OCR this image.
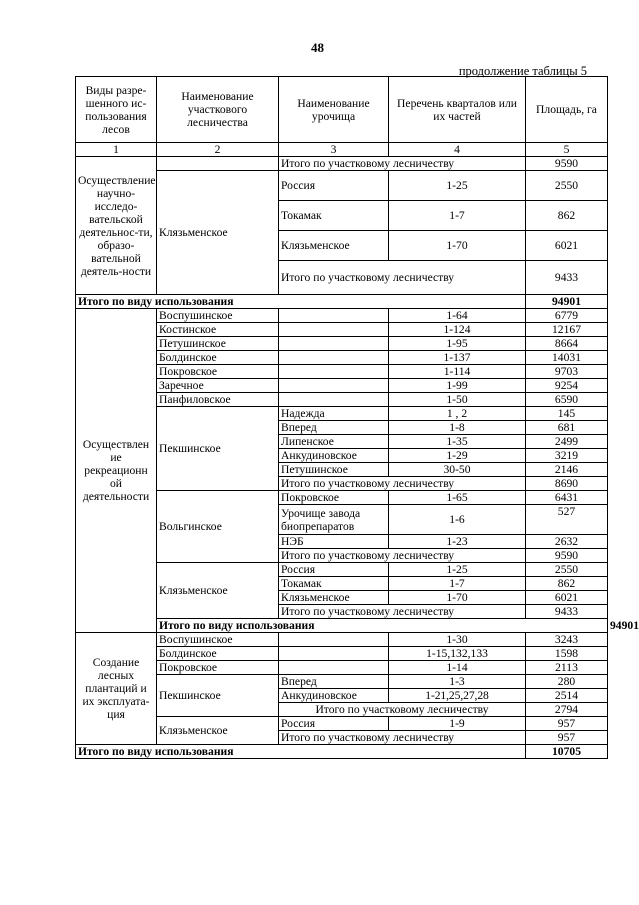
48
продолжение таблицы 5
Виды разре-шенного ис-пользования лесов	Наименование участкового лесничества	Наименование урочища	Перечень кварталов или их частей	Площадь, га	
1	2	3	4	5	
Осуществление научно-исследо-вательской деятельнос-ти, образо-вательной деятель-ности		Итого по участковому лесничеству		9590	
	Клязьменское	Россия	1-25	2550	
		Токамак	1-7	862	
		Клязьменское	1-70	6021	
		Итого по участковому лесничеству		9433	
Итого по виду использования				94901	
Осуществлен ие рекреационн ой деятельности	Воспушинское		1-64	6779	
	Костинское		1-124	12167	
	Петушинское		1-95	8664	
	Болдинское		1-137	14031	
	Покровское		1-114	9703	
	Заречное		1-99	9254	
	Панфиловское		1-50	6590	
	Пекшинское	Надежда	1 , 2	145	
		Вперед	1-8	681	
		Липенское	1-35	2499	
		Анкудиновское	1-29	3219	
		Петушинское	30-50	2146	
		Итого по участковому лесничеству		8690	
	Вольгинское	Покровское	1-65	6431	
		Урочище завода биопрепаратов	1-6	527	
		НЭБ	1-23	2632	
		Итого по участковому лесничеству		9590	
	Клязьменское	Россия	1-25	2550	
		Токамак	1-7	862	
		Клязьменское	1-70	6021	
		Итого по участковому лесничеству		9433	
	Итого по виду использования				94901
Создание лесных плантаций и их эксплуата-ция	Воспушинское		1-30	3243	
	Болдинское		1-15,132,133	1598	
	Покровское		1-14	2113	
	Пекшинское	Вперед	1-3	280	
		Анкудиновское	1-21,25,27,28	2514	
		Итого по участковому лесничеству		2794	
	Клязьменское	Россия	1-9	957	
		Итого по участковому лесничеству		957	
Итого по виду использования				10705	
